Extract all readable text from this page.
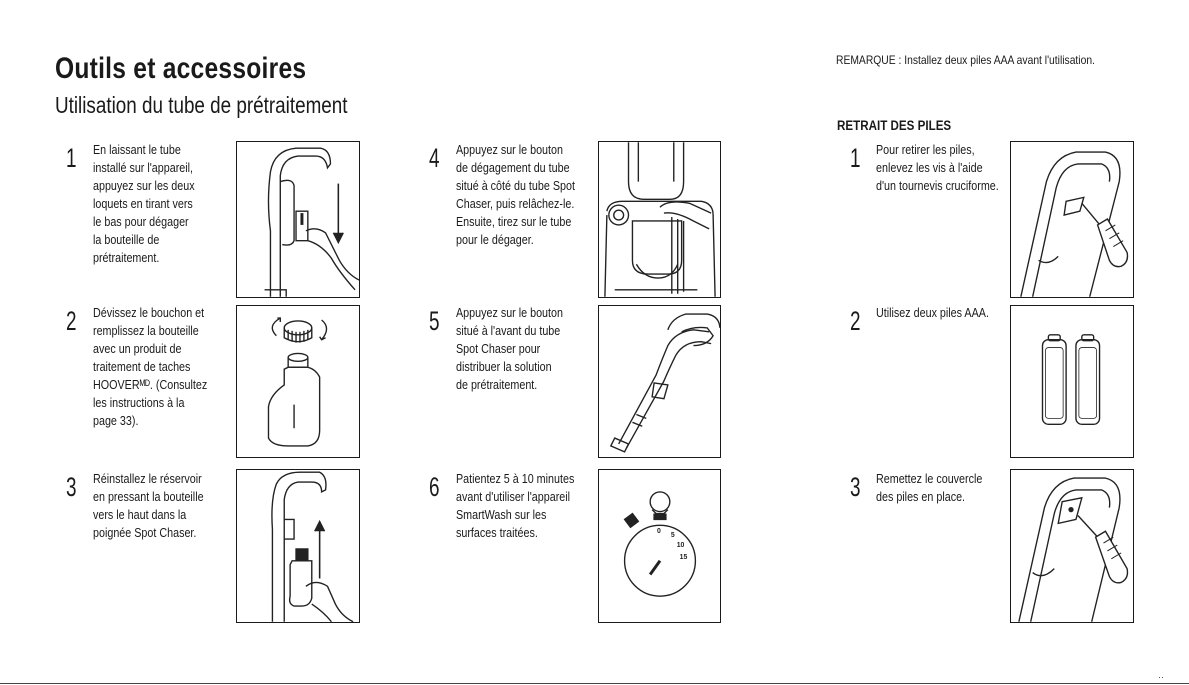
Outils et accessoires
Utilisation du tube de prétraitement
REMARQUE : Installez deux piles AAA avant l'utilisation.
RETRAIT DES PILES
1 En laissant le tube
installé sur l'appareil,
appuyez sur les deux
loquets en tirant vers
le bas pour dégager
la bouteille de
prétraitement.
2 Dévissez le bouchon et
remplissez la bouteille
avec un produit de
traitement de taches
HOOVERᴹᴰ. (Consultez
les instructions à la
page 33).
3 Réinstallez le réservoir
en pressant la bouteille
vers le haut dans la
poignée Spot Chaser.
4 Appuyez sur le bouton
de dégagement du tube
situé à côté du tube Spot
Chaser, puis relâchez-le.
Ensuite, tirez sur le tube
pour le dégager.
5 Appuyez sur le bouton
situé à l'avant du tube
Spot Chaser pour
distribuer la solution
de prétraitement.
6 Patientez 5 à 10 minutes
avant d'utiliser l'appareil
SmartWash sur les
surfaces traitées.	0
5
10
15
1 Pour retirer les piles,
enlevez les vis à l'aide
d'un tournevis cruciforme.
2 Utilisez deux piles AAA.
3 Remettez le couvercle
des piles en place.
··
